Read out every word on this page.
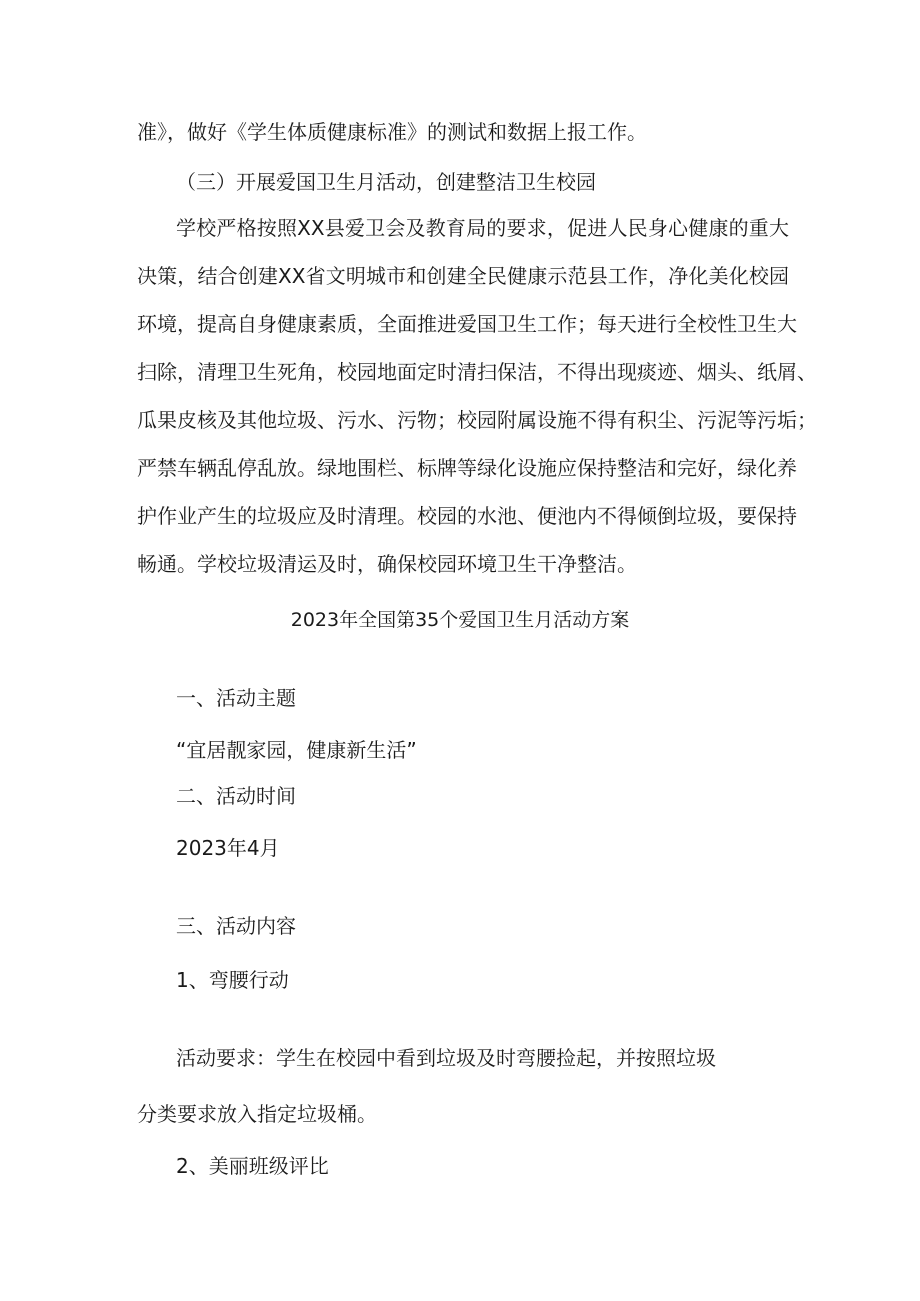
准》，做好《学生体质健康标准》的测试和数据上报工作。
（三）开展爱国卫生月活动，创建整洁卫生校园
学校严格按照XX县爱卫会及教育局的要求，促进人民身心健康的重大
决策，结合创建XX省文明城市和创建全民健康示范县工作，净化美化校园
环境，提高自身健康素质，全面推进爱国卫生工作；每天进行全校性卫生大
扫除，清理卫生死角，校园地面定时清扫保洁，不得出现痰迹、烟头、纸屑、
瓜果皮核及其他垃圾、污水、污物；校园附属设施不得有积尘、污泥等污垢；
严禁车辆乱停乱放。绿地围栏、标牌等绿化设施应保持整洁和完好，绿化养
护作业产生的垃圾应及时清理。校园的水池、便池内不得倾倒垃圾，要保持
畅通。学校垃圾清运及时，确保校园环境卫生干净整洁。
2023年全国第35个爱国卫生月活动方案
一、活动主题
“宜居靓家园，健康新生活”
二、活动时间
2023年4月
三、活动内容
1、弯腰行动
活动要求：学生在校园中看到垃圾及时弯腰捡起，并按照垃圾
分类要求放入指定垃圾桶。
2、美丽班级评比
